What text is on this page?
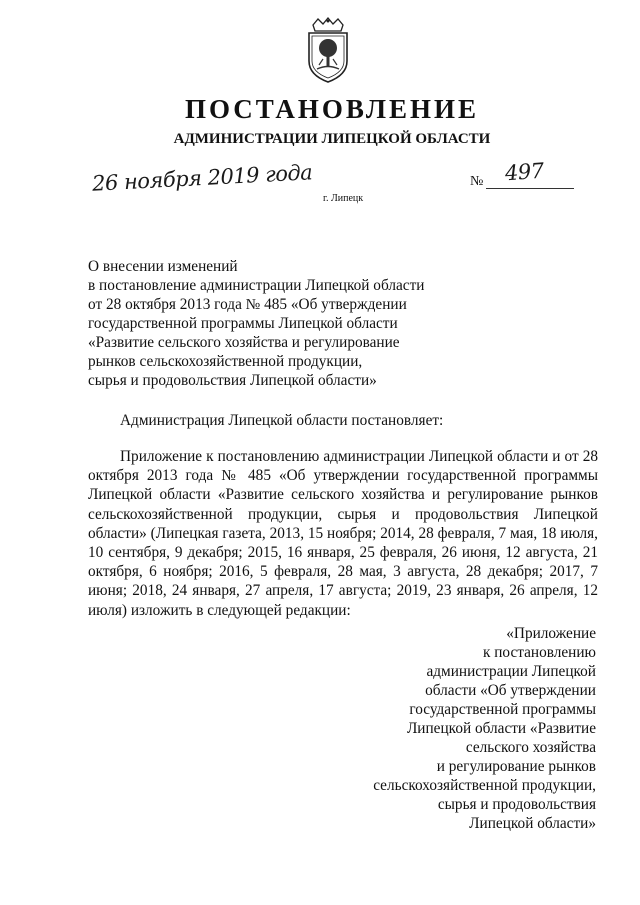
ПОСТАНОВЛЕНИЕ
АДМИНИСТРАЦИИ ЛИПЕЦКОЙ ОБЛАСТИ
26 ноября 2019 года	№ 497
г. Липецк
О внесении изменений
в постановление администрации Липецкой области
от 28 октября 2013 года № 485 «Об утверждении
государственной программы Липецкой области
«Развитие сельского хозяйства и регулирование
рынков сельскохозяйственной продукции,
сырья и продовольствия Липецкой области»
Администрация Липецкой области постановляет:
Приложение к постановлению администрации Липецкой области и от 28 октября 2013 года № 485 «Об утверждении государственной программы Липецкой области «Развитие сельского хозяйства и регулирование рынков сельскохозяйственной продукции, сырья и продовольствия Липецкой области» (Липецкая газета, 2013, 15 ноября; 2014, 28 февраля, 7 мая, 18 июля, 10 сентября, 9 декабря; 2015, 16 января, 25 февраля, 26 июня, 12 августа, 21 октября, 6 ноября; 2016, 5 февраля, 28 мая, 3 августа, 28 декабря; 2017, 7 июня; 2018, 24 января, 27 апреля, 17 августа; 2019, 23 января, 26 апреля, 12 июля) изложить в следующей редакции:
«Приложение
к постановлению
администрации Липецкой
области «Об утверждении
государственной программы
Липецкой области «Развитие
сельского хозяйства
и регулирование рынков
сельскохозяйственной продукции,
сырья и продовольствия
Липецкой области»
